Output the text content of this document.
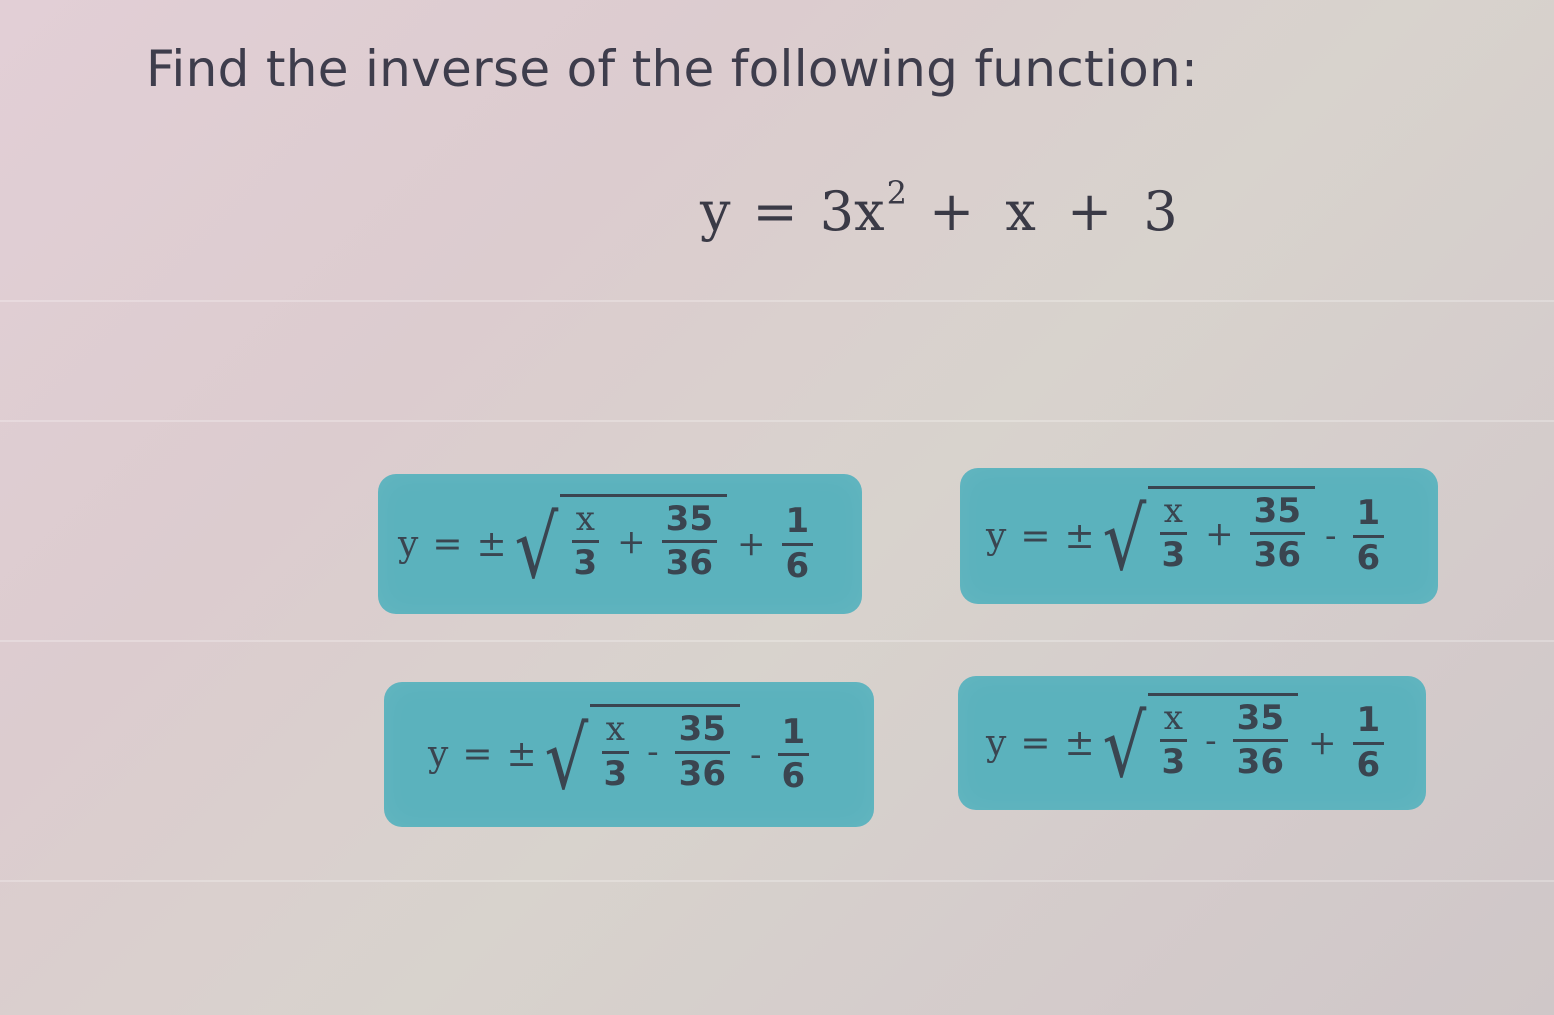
Find the inverse of the following function:
y = 3x 2 + x + 3
y = ± √ $\frac{x}{3} + \frac{35}{36} + \frac{1}{6}$	y = ± √ $\frac{x}{3} + \frac{35}{36} - \frac{1}{6}$
y = ± √ $\frac{x}{3} - \frac{35}{36} - \frac{1}{6}$	y = ± √ $\frac{x}{3} - \frac{35}{36} + \frac{1}{6}$
